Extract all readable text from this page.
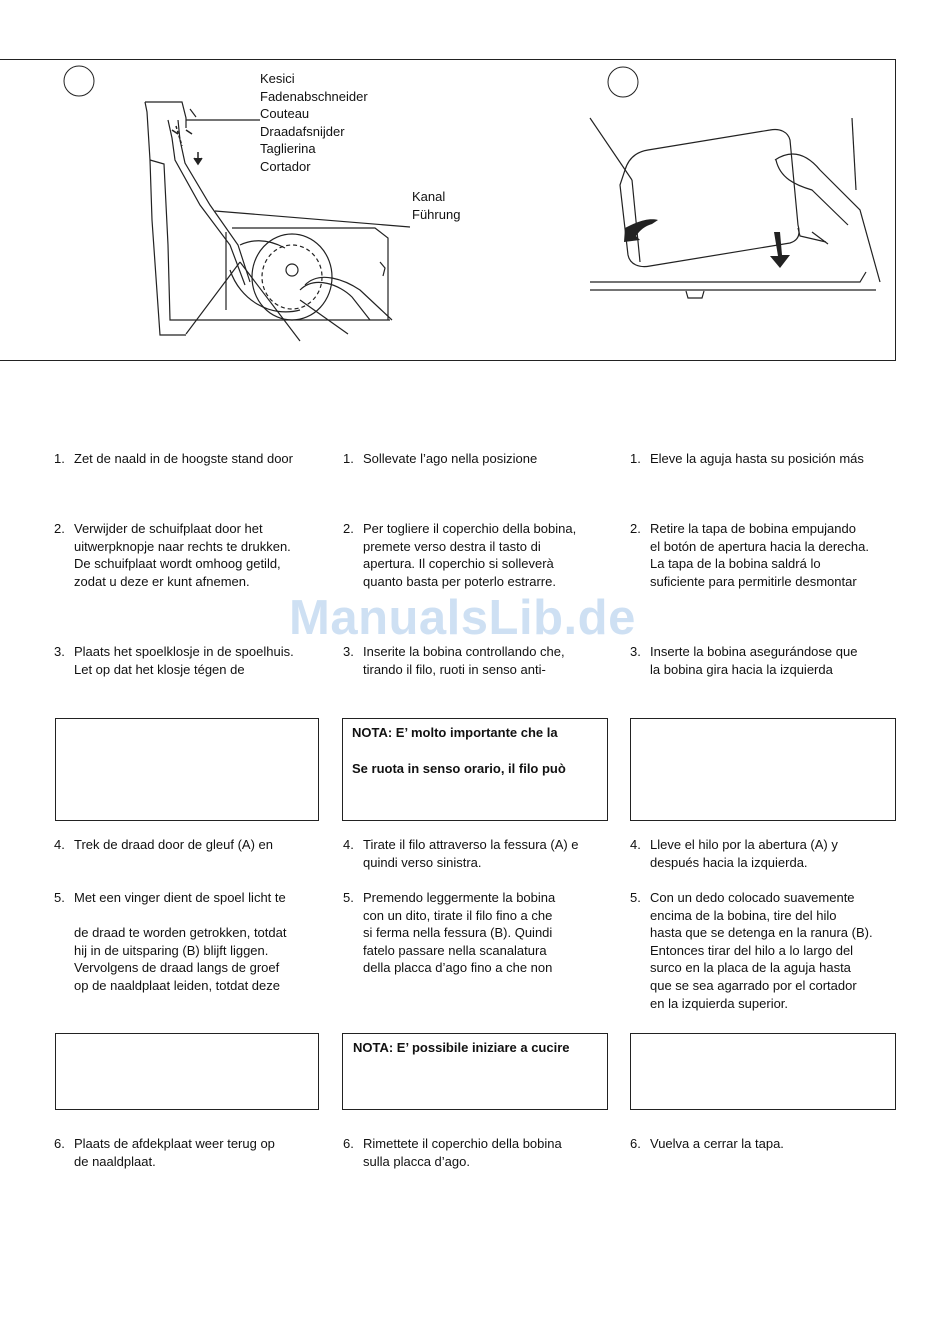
Kesici
Fadenabschneider
Couteau
Draadafsnijder
Taglierina
Cortador
Kanal
Führung
1. Zet de naald in de hoogste stand door
2. Verwijder de schuifplaat door het
uitwerpknopje naar rechts te drukken.
De schuifplaat wordt omhoog getild,
zodat u deze er kunt afnemen.
3. Plaats het spoelklosje in de spoelhuis.
Let op dat het klosje tégen de
4. Trek de draad door de gleuf (A) en
5. Met een vinger dient de spoel licht te

de draad te worden getrokken, totdat
hij in de uitsparing (B) blijft liggen.
Vervolgens de draad langs de groef
op de naaldplaat leiden, totdat deze
6. Plaats de afdekplaat weer terug op
de naaldplaat.
1. Sollevate l’ago nella posizione
2. Per togliere il coperchio della bobina,
premete verso destra il tasto di
apertura. Il coperchio si solleverà
quanto basta per poterlo estrarre.
3. Inserite la bobina controllando che,
tirando il filo, ruoti in senso anti-
NOTA: E’ molto importante che la

Se ruota in senso orario, il filo può
4. Tirate il filo attraverso la fessura (A) e
quindi verso sinistra.
5. Premendo leggermente la bobina
con un dito, tirate il filo fino a che
si ferma nella fessura (B). Quindi
fatelo passare nella scanalatura
della placca d’ago fino a che non
NOTA: E’ possibile iniziare a cucire
6. Rimettete il coperchio della bobina
sulla placca d’ago.
1. Eleve la aguja hasta su posición más
2. Retire la tapa de bobina empujando
el botón de apertura hacia la derecha.
La tapa de la bobina saldrá lo
suficiente para permitirle desmontar
3. Inserte la bobina asegurándose que
la bobina gira hacia la izquierda
4. Lleve el hilo por la abertura (A) y
después hacia la izquierda.
5. Con un dedo colocado suavemente
encima de la bobina, tire del hilo
hasta que se detenga en la ranura (B).
Entonces tirar del hilo a lo largo del
surco en la placa de la aguja hasta
que se sea agarrado por el cortador
en la izquierda superior.
6. Vuelva a cerrar la tapa.
ManualsLib.de
